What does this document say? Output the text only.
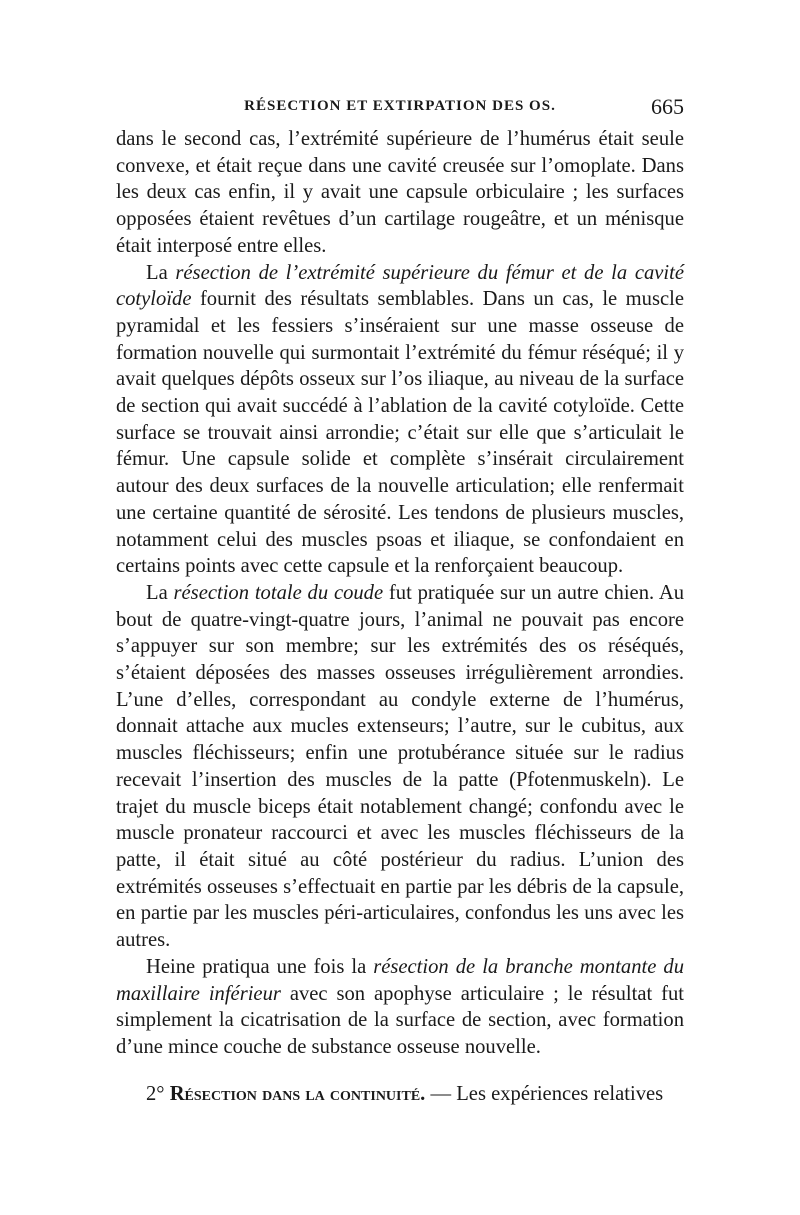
RÉSECTION ET EXTIRPATION DES OS.	665

dans le second cas, l’extrémité supérieure de l’humérus était seule convexe, et était reçue dans une cavité creusée sur l’omoplate. Dans les deux cas enfin, il y avait une capsule orbiculaire ; les surfaces opposées étaient revêtues d’un cartilage rougeâtre, et un ménisque était interposé entre elles.

La résection de l’extrémité supérieure du fémur et de la cavité cotyloïde fournit des résultats semblables. Dans un cas, le muscle pyramidal et les fessiers s’inséraient sur une masse osseuse de formation nouvelle qui surmontait l’extrémité du fémur réséqué; il y avait quelques dépôts osseux sur l’os iliaque, au niveau de la surface de section qui avait succédé à l’ablation de la cavité cotyloïde. Cette surface se trouvait ainsi arrondie; c’était sur elle que s’articulait le fémur. Une capsule solide et complète s’insérait circulairement autour des deux surfaces de la nouvelle articulation; elle renfermait une certaine quantité de sérosité. Les tendons de plusieurs muscles, notamment celui des muscles psoas et iliaque, se confondaient en certains points avec cette capsule et la renforçaient beaucoup.

La résection totale du coude fut pratiquée sur un autre chien. Au bout de quatre-vingt-quatre jours, l’animal ne pouvait pas encore s’appuyer sur son membre; sur les extrémités des os réséqués, s’étaient déposées des masses osseuses irrégulièrement arrondies. L’une d’elles, correspondant au condyle externe de l’humérus, donnait attache aux mucles extenseurs; l’autre, sur le cubitus, aux muscles fléchisseurs; enfin une protubérance située sur le radius recevait l’insertion des muscles de la patte (Pfotenmuskeln). Le trajet du muscle biceps était notablement changé; confondu avec le muscle pronateur raccourci et avec les muscles fléchisseurs de la patte, il était situé au côté postérieur du radius. L’union des extrémités osseuses s’effectuait en partie par les débris de la capsule, en partie par les muscles péri-articulaires, confondus les uns avec les autres.

Heine pratiqua une fois la résection de la branche montante du maxillaire inférieur avec son apophyse articulaire ; le résultat fut simplement la cicatrisation de la surface de section, avec formation d’une mince couche de substance osseuse nouvelle.

2° Résection dans la continuité. — Les expériences relatives
